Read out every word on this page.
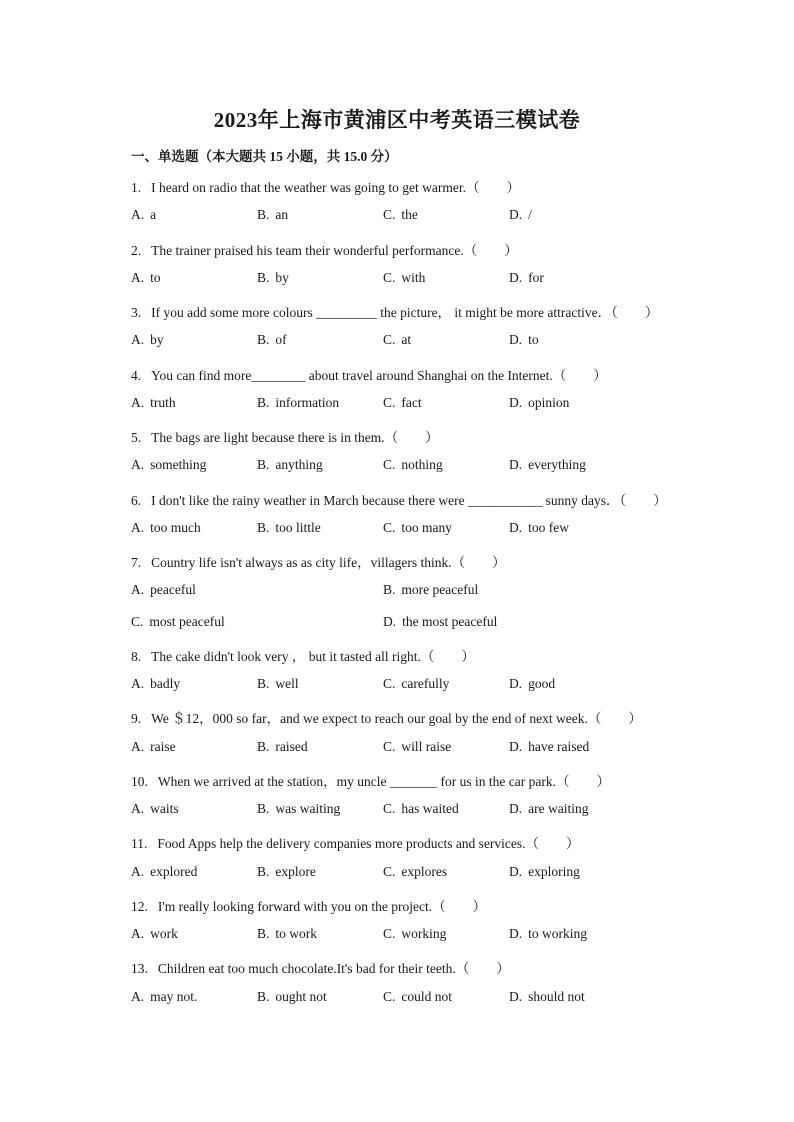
2023年上海市黄浦区中考英语三模试卷
一、单选题（本大题共 15 小题，共 15.0 分）
1. I heard on radio that the weather was going to get warmer.（　　）
A. a	B. an	C. the	D. /
2. The trainer praised his team their wonderful performance.（　　）
A. to	B. by	C. with	D. for
3. If you add some more colours _________ the picture， it might be more attractive．（　　）
A. by	B. of	C. at	D. to
4. You can find more________ about travel around Shanghai on the Internet.（　　）
A. truth	B. information	C. fact	D. opinion
5. The bags are light because there is in them.（　　）
A. something	B. anything	C. nothing	D. everything
6. I don't like the rainy weather in March because there were ___________ sunny days．（　　）
A. too much	B. too little	C. too many	D. too few
7. Country life isn't always as as city life，villagers think.（　　）
A. peaceful	B. more peaceful
C. most peaceful	D. the most peaceful
8. The cake didn't look very ， but it tasted all right.（　　）
A. badly	B. well	C. carefully	D. good
9. We ＄12，000 so far，and we expect to reach our goal by the end of next week.（　　）
A. raise	B. raised	C. will raise	D. have raised
10. When we arrived at the station，my uncle _______ for us in the car park.（　　）
A. waits	B. was waiting	C. has waited	D. are waiting
11. Food Apps help the delivery companies more products and services.（　　）
A. explored	B. explore	C. explores	D. exploring
12. I'm really looking forward with you on the project.（　　）
A. work	B. to work	C. working	D. to working
13. Children eat too much chocolate.It's bad for their teeth.（　　）
A. may not.	B. ought not	C. could not	D. should not
